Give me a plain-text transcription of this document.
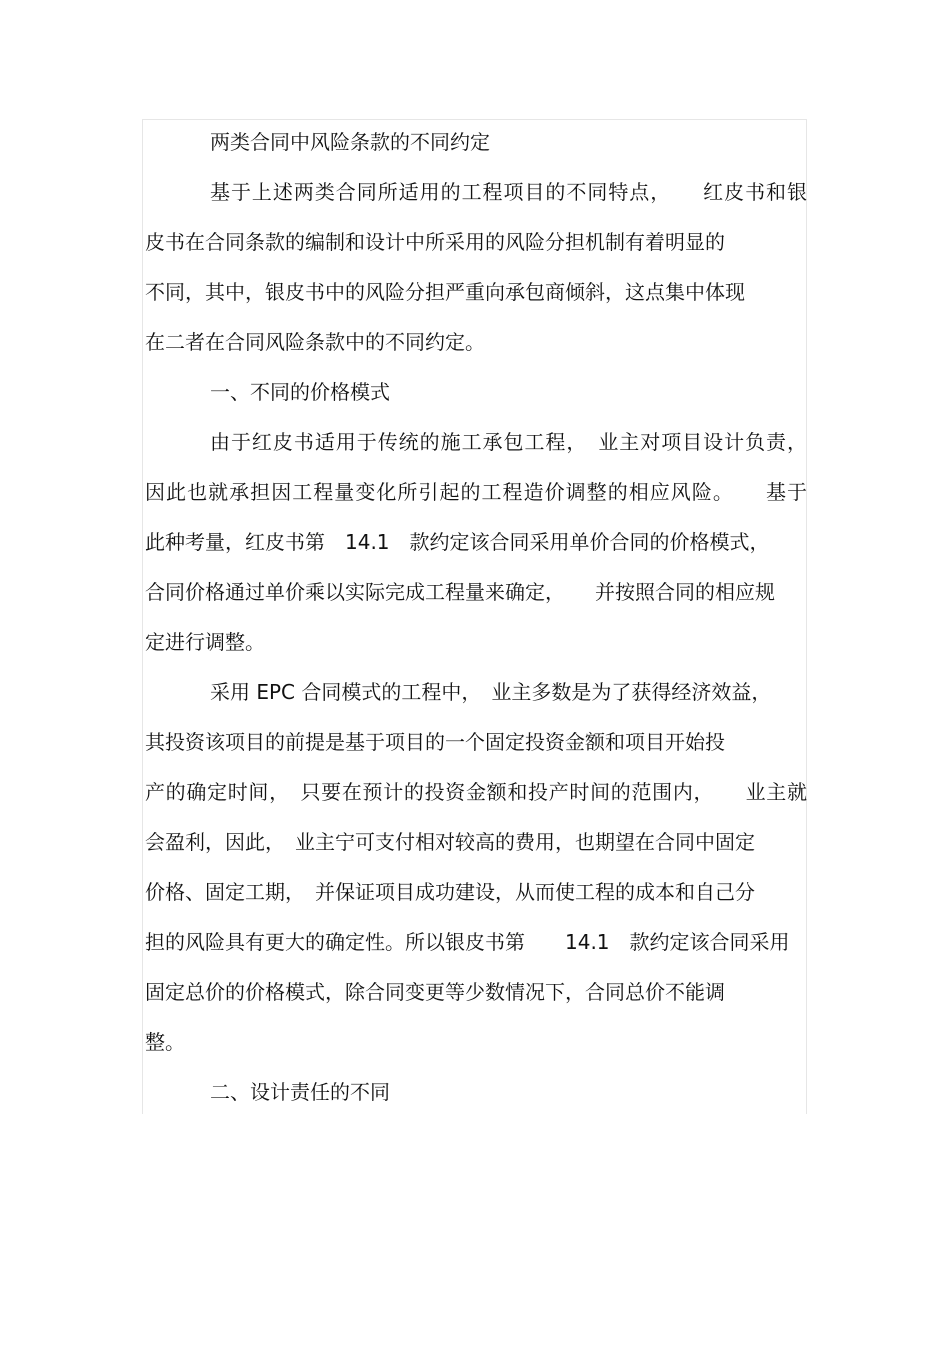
两类合同中风险条款的不同约定
基于上述两类合同所适用的工程项目的不同特点，　　红皮书和银
皮书在合同条款的编制和设计中所采用的风险分担机制有着明显的
不同，其中，银皮书中的风险分担严重向承包商倾斜，这点集中体现
在二者在合同风险条款中的不同约定。
一、不同的价格模式
由于红皮书适用于传统的施工承包工程，　业主对项目设计负责，
因此也就承担因工程量变化所引起的工程造价调整的相应风险。　　基于
此种考量，红皮书第　14.1　款约定该合同采用单价合同的价格模式，
合同价格通过单价乘以实际完成工程量来确定，　　并按照合同的相应规
定进行调整。
采用 EPC 合同模式的工程中，　业主多数是为了获得经济效益，
其投资该项目的前提是基于项目的一个固定投资金额和项目开始投
产的确定时间，　只要在预计的投资金额和投产时间的范围内，　　业主就
会盈利，因此，　业主宁可支付相对较高的费用，也期望在合同中固定
价格、固定工期，　并保证项目成功建设，从而使工程的成本和自己分
担的风险具有更大的确定性。所以银皮书第　　14.1　款约定该合同采用
固定总价的价格模式，除合同变更等少数情况下，合同总价不能调
整。
二、设计责任的不同
